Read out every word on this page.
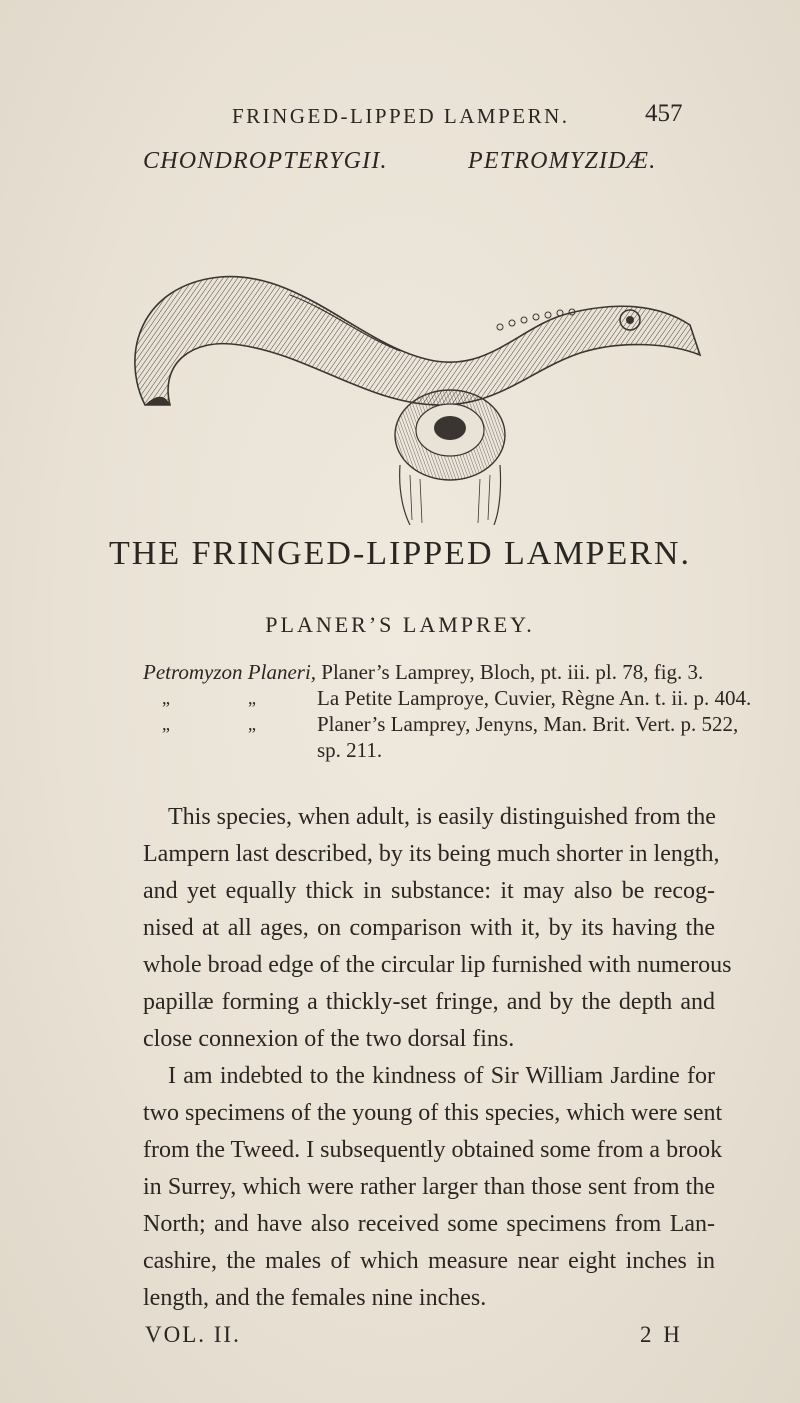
FRINGED-LIPPED LAMPERN.	457
CHONDROPTERYGII.	PETROMYZIDÆ.
THE FRINGED-LIPPED LAMPERN.
PLANER’S LAMPREY.
Petromyzon Planeri, Planer’s Lamprey, Bloch, pt. iii. pl. 78, fig. 3.
„	„	La Petite Lamproye, Cuvier, Règne An. t. ii. p. 404.
„	„	Planer’s Lamprey, Jenyns, Man. Brit. Vert. p. 522,
sp. 211.
This species, when adult, is easily distinguished from the
Lampern last described, by its being much shorter in length,
and yet equally thick in substance: it may also be recog-
nised at all ages, on comparison with it, by its having the
whole broad edge of the circular lip furnished with numerous
papillæ forming a thickly-set fringe, and by the depth and
close connexion of the two dorsal fins.
I am indebted to the kindness of Sir William Jardine for
two specimens of the young of this species, which were sent
from the Tweed. I subsequently obtained some from a brook
in Surrey, which were rather larger than those sent from the
North; and have also received some specimens from Lan-
cashire, the males of which measure near eight inches in
length, and the females nine inches.
VOL. II.	2 H
